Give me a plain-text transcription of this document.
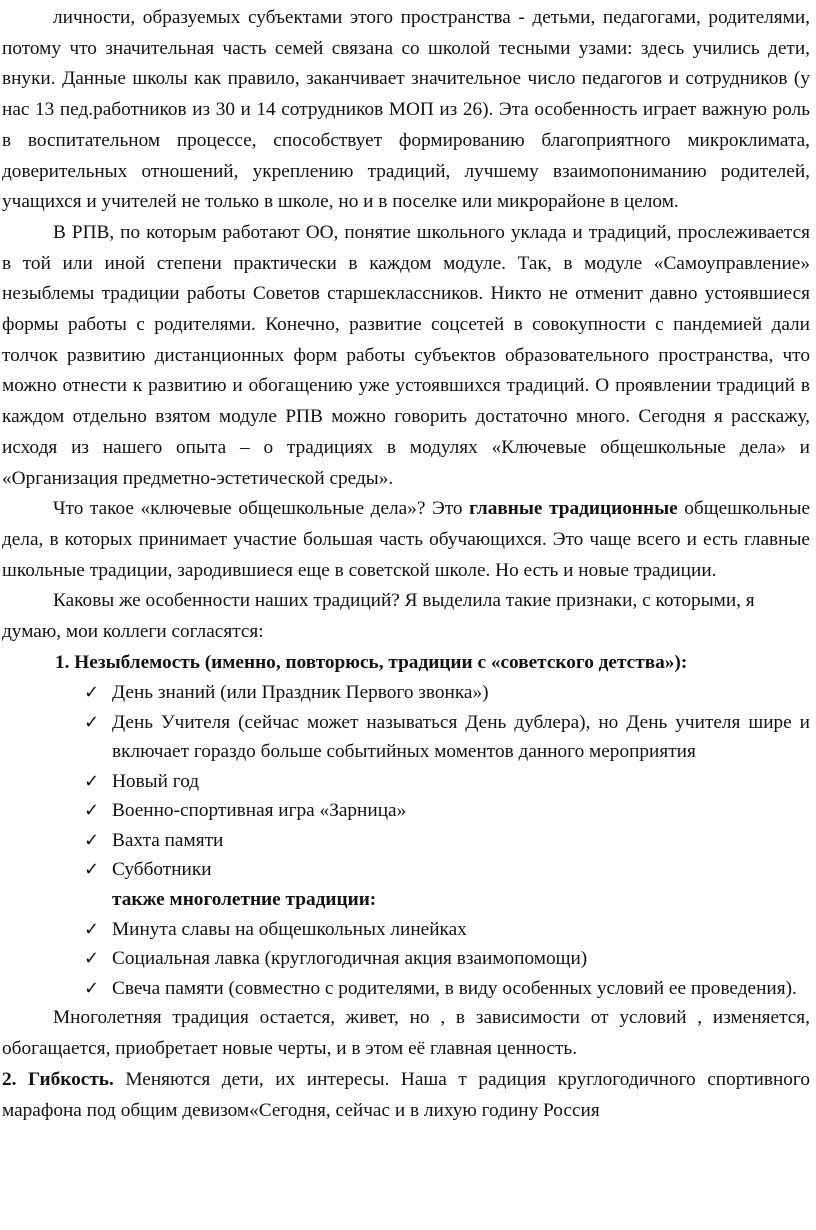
личности, образуемых субъектами этого пространства - детьми, педагогами, родителями, потому что значительная часть семей связана со школой тесными узами: здесь учились дети, внуки. Данные школы как правило, заканчивает значительное число педагогов и сотрудников (у нас 13 пед.работников из 30 и 14 сотрудников МОП из 26). Эта особенность играет важную роль в воспитательном процессе, способствует формированию благоприятного микроклимата, доверительных отношений, укреплению традиций, лучшему взаимопониманию родителей, учащихся и учителей не только в школе, но и в поселке или микрорайоне в целом.

В РПВ, по которым работают ОО, понятие школьного уклада и традиций, прослеживается в той или иной степени практически в каждом модуле. Так, в модуле «Самоуправление» незыблемы традиции работы Советов старшеклассников. Никто не отменит давно устоявшиеся формы работы с родителями. Конечно, развитие соцсетей в совокупности с пандемией дали толчок развитию дистанционных форм работы субъектов образовательного пространства, что можно отнести к развитию и обогащению уже устоявшихся традиций. О проявлении традиций в каждом отдельно взятом модуле РПВ можно говорить достаточно много. Сегодня я расскажу, исходя из нашего опыта – о традициях в модулях «Ключевые общешкольные дела» и «Организация предметно-эстетической среды».

Что такое «ключевые общешкольные дела»? Это главные традиционные общешкольные дела, в которых принимает участие большая часть обучающихся. Это чаще всего и есть главные школьные традиции, зародившиеся еще в советской школе. Но есть и новые традиции.

Каковы же особенности наших традиций? Я выделила такие признаки, с которыми, я думаю, мои коллеги согласятся:

1. Незыблемость (именно, повторюсь, традиции с «советского детства»):

✓ День знаний (или Праздник Первого звонка»)
✓ День Учителя (сейчас может называться День дублера), но День учителя шире и включает гораздо больше событийных моментов данного мероприятия
✓ Новый год
✓ Военно-спортивная игра «Зарница»
✓ Вахта памяти
✓ Субботники

также многолетние традиции:

✓ Минута славы на общешкольных линейках
✓ Социальная лавка (круглогодичная акция взаимопомощи)
✓ Свеча памяти (совместно с родителями, в виду особенных условий ее проведения).

Многолетняя традиция остается, живет, но , в зависимости от условий , изменяется, обогащается, приобретает новые черты, и в этом её главная ценность.

2. Гибкость. Меняются дети, их интересы. Наша т радиция круглогодичного спортивного марафона под общим девизом«Сегодня, сейчас и в лихую годину Россия
